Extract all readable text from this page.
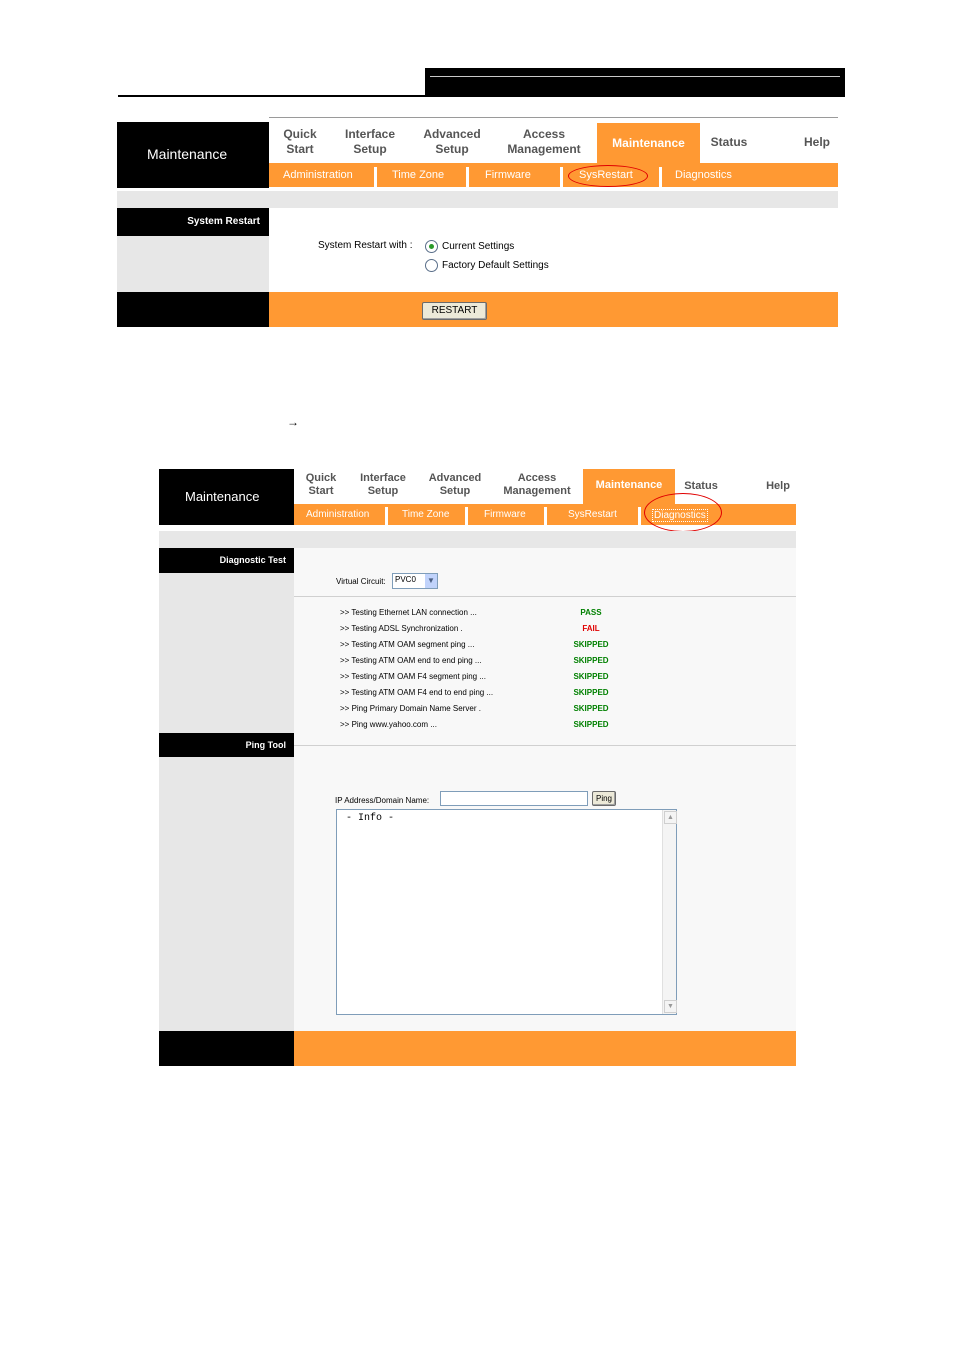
Maintenance
Quick
Start
Interface
Setup
Advanced
Setup
Access
Management	Maintenance	Status	Help
Administration	Time Zone	Firmware	SysRestart	Diagnostics
System Restart
System Restart with :	Current Settings
Factory Default Settings
RESTART
→
Maintenance
Quick
Start
Interface
Setup
Advanced
Setup
Access
Management	Maintenance	Status	Help
Administration	Time Zone	Firmware	SysRestart	Diagnostics
Diagnostic Test
Ping Tool
Virtual Circuit: PVC0 ▼
>> Testing Ethernet LAN connection ...	PASS
>> Testing ADSL Synchronization .	FAIL
>> Testing ATM OAM segment ping ...	SKIPPED
>> Testing ATM OAM end to end ping ...	SKIPPED
>> Testing ATM OAM F4 segment ping ...	SKIPPED
>> Testing ATM OAM F4 end to end ping ...	SKIPPED
>> Ping Primary Domain Name Server .	SKIPPED
>> Ping www.yahoo.com ...	SKIPPED
IP Address/Domain Name:	Ping
- Info -	▲
▼
